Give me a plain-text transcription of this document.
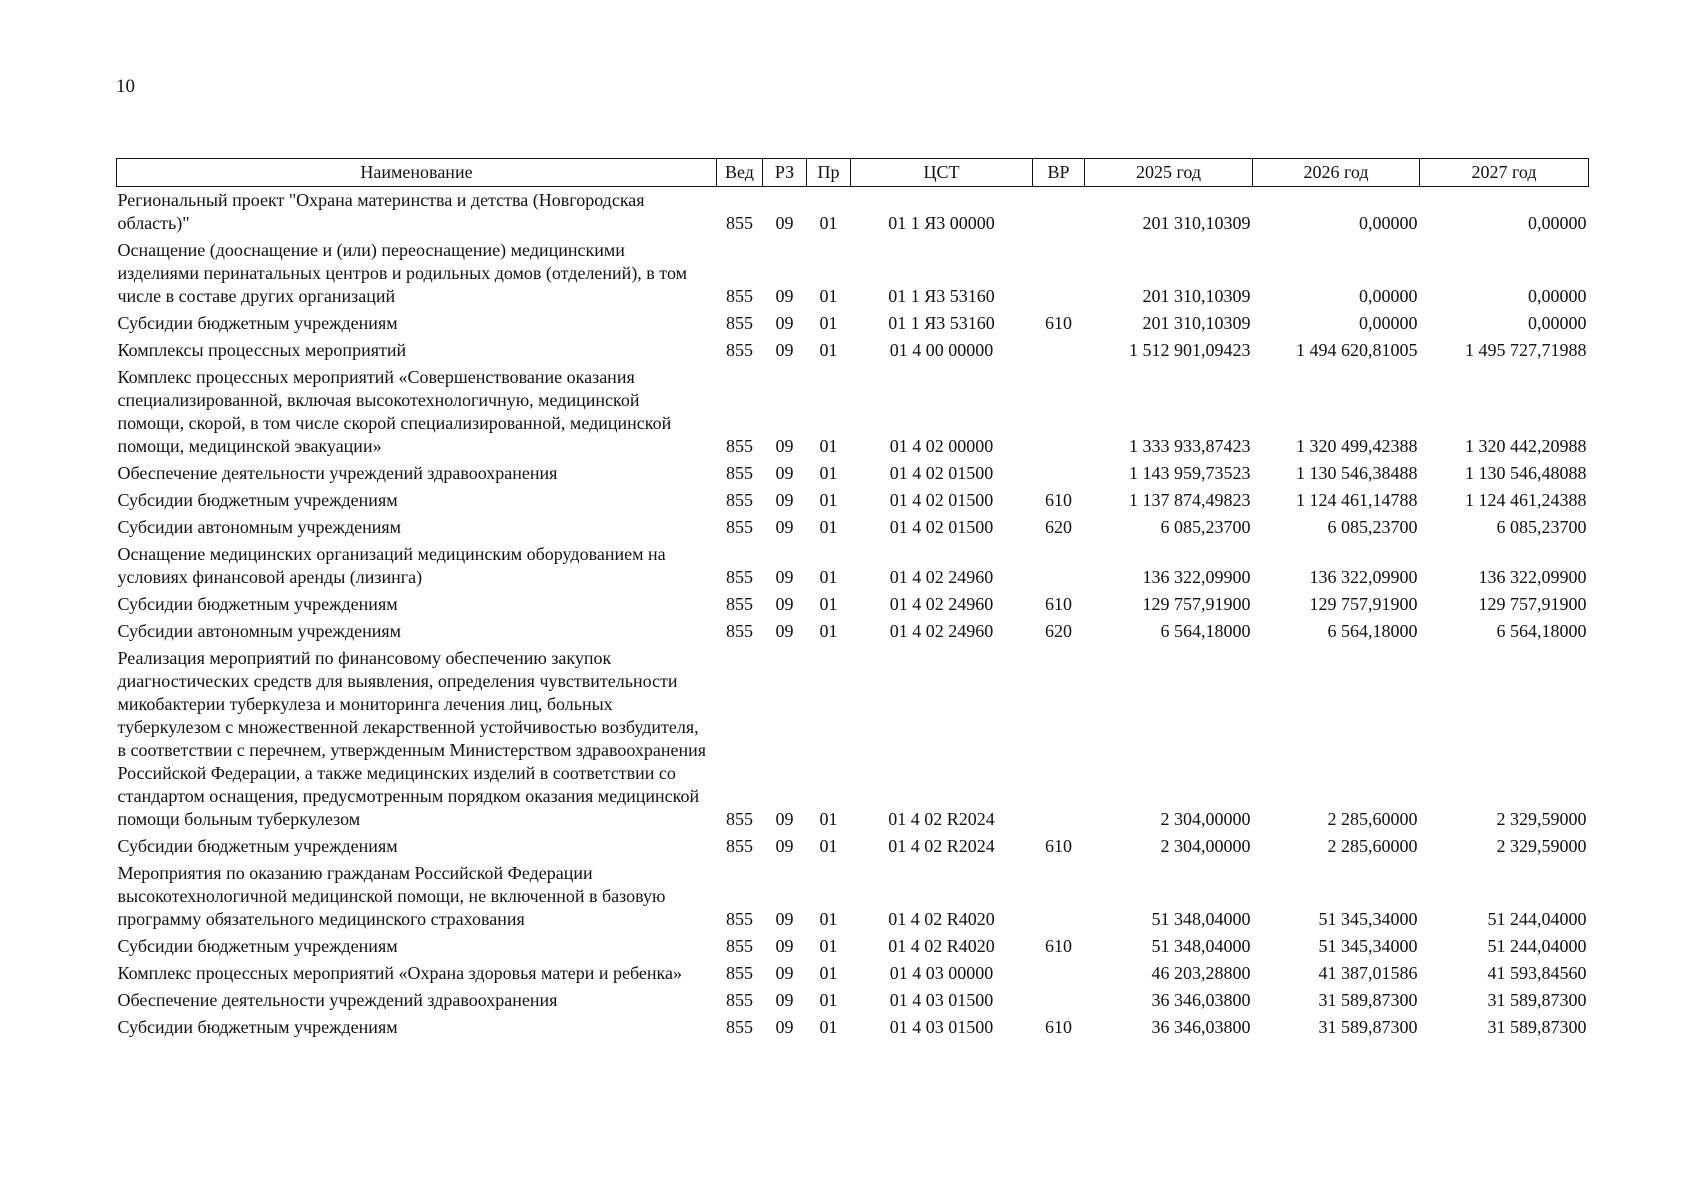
10
Наименование	Вед	РЗ	Пр	ЦСТ	ВР	2025 год	2026 год	2027 год
Региональный проект "Охрана материнства и детства (Новгородская область)"	855	09	01	01 1 Я3 00000		201 310,10309	0,00000	0,00000
Оснащение (дооснащение и (или) переоснащение) медицинскими изделиями перинатальных центров и родильных домов (отделений), в том числе в составе других организаций	855	09	01	01 1 Я3 53160		201 310,10309	0,00000	0,00000
Субсидии бюджетным учреждениям	855	09	01	01 1 Я3 53160	610	201 310,10309	0,00000	0,00000
Комплексы процессных мероприятий	855	09	01	01 4 00 00000		1 512 901,09423	1 494 620,81005	1 495 727,71988
Комплекс процессных мероприятий «Совершенствование оказания специализированной, включая высокотехнологичную, медицинской помощи, скорой, в том числе скорой специализированной, медицинской помощи, медицинской эвакуации»	855	09	01	01 4 02 00000		1 333 933,87423	1 320 499,42388	1 320 442,20988
Обеспечение деятельности учреждений здравоохранения	855	09	01	01 4 02 01500		1 143 959,73523	1 130 546,38488	1 130 546,48088
Субсидии бюджетным учреждениям	855	09	01	01 4 02 01500	610	1 137 874,49823	1 124 461,14788	1 124 461,24388
Субсидии автономным учреждениям	855	09	01	01 4 02 01500	620	6 085,23700	6 085,23700	6 085,23700
Оснащение медицинских организаций медицинским оборудованием на условиях финансовой аренды (лизинга)	855	09	01	01 4 02 24960		136 322,09900	136 322,09900	136 322,09900
Субсидии бюджетным учреждениям	855	09	01	01 4 02 24960	610	129 757,91900	129 757,91900	129 757,91900
Субсидии автономным учреждениям	855	09	01	01 4 02 24960	620	6 564,18000	6 564,18000	6 564,18000
Реализация мероприятий по финансовому обеспечению закупок диагностических средств для выявления, определения чувствительности микобактерии туберкулеза и мониторинга лечения лиц, больных туберкулезом с множественной лекарственной устойчивостью возбудителя, в соответствии с перечнем, утвержденным Министерством здравоохранения Российской Федерации, а также медицинских изделий в соответствии со стандартом оснащения, предусмотренным порядком оказания медицинской помощи больным туберкулезом	855	09	01	01 4 02 R2024		2 304,00000	2 285,60000	2 329,59000
Субсидии бюджетным учреждениям	855	09	01	01 4 02 R2024	610	2 304,00000	2 285,60000	2 329,59000
Мероприятия по оказанию гражданам Российской Федерации высокотехнологичной медицинской помощи, не включенной в базовую программу обязательного медицинского страхования	855	09	01	01 4 02 R4020		51 348,04000	51 345,34000	51 244,04000
Субсидии бюджетным учреждениям	855	09	01	01 4 02 R4020	610	51 348,04000	51 345,34000	51 244,04000
Комплекс процессных мероприятий «Охрана здоровья матери и ребенка»	855	09	01	01 4 03 00000		46 203,28800	41 387,01586	41 593,84560
Обеспечение деятельности учреждений здравоохранения	855	09	01	01 4 03 01500		36 346,03800	31 589,87300	31 589,87300
Субсидии бюджетным учреждениям	855	09	01	01 4 03 01500	610	36 346,03800	31 589,87300	31 589,87300
